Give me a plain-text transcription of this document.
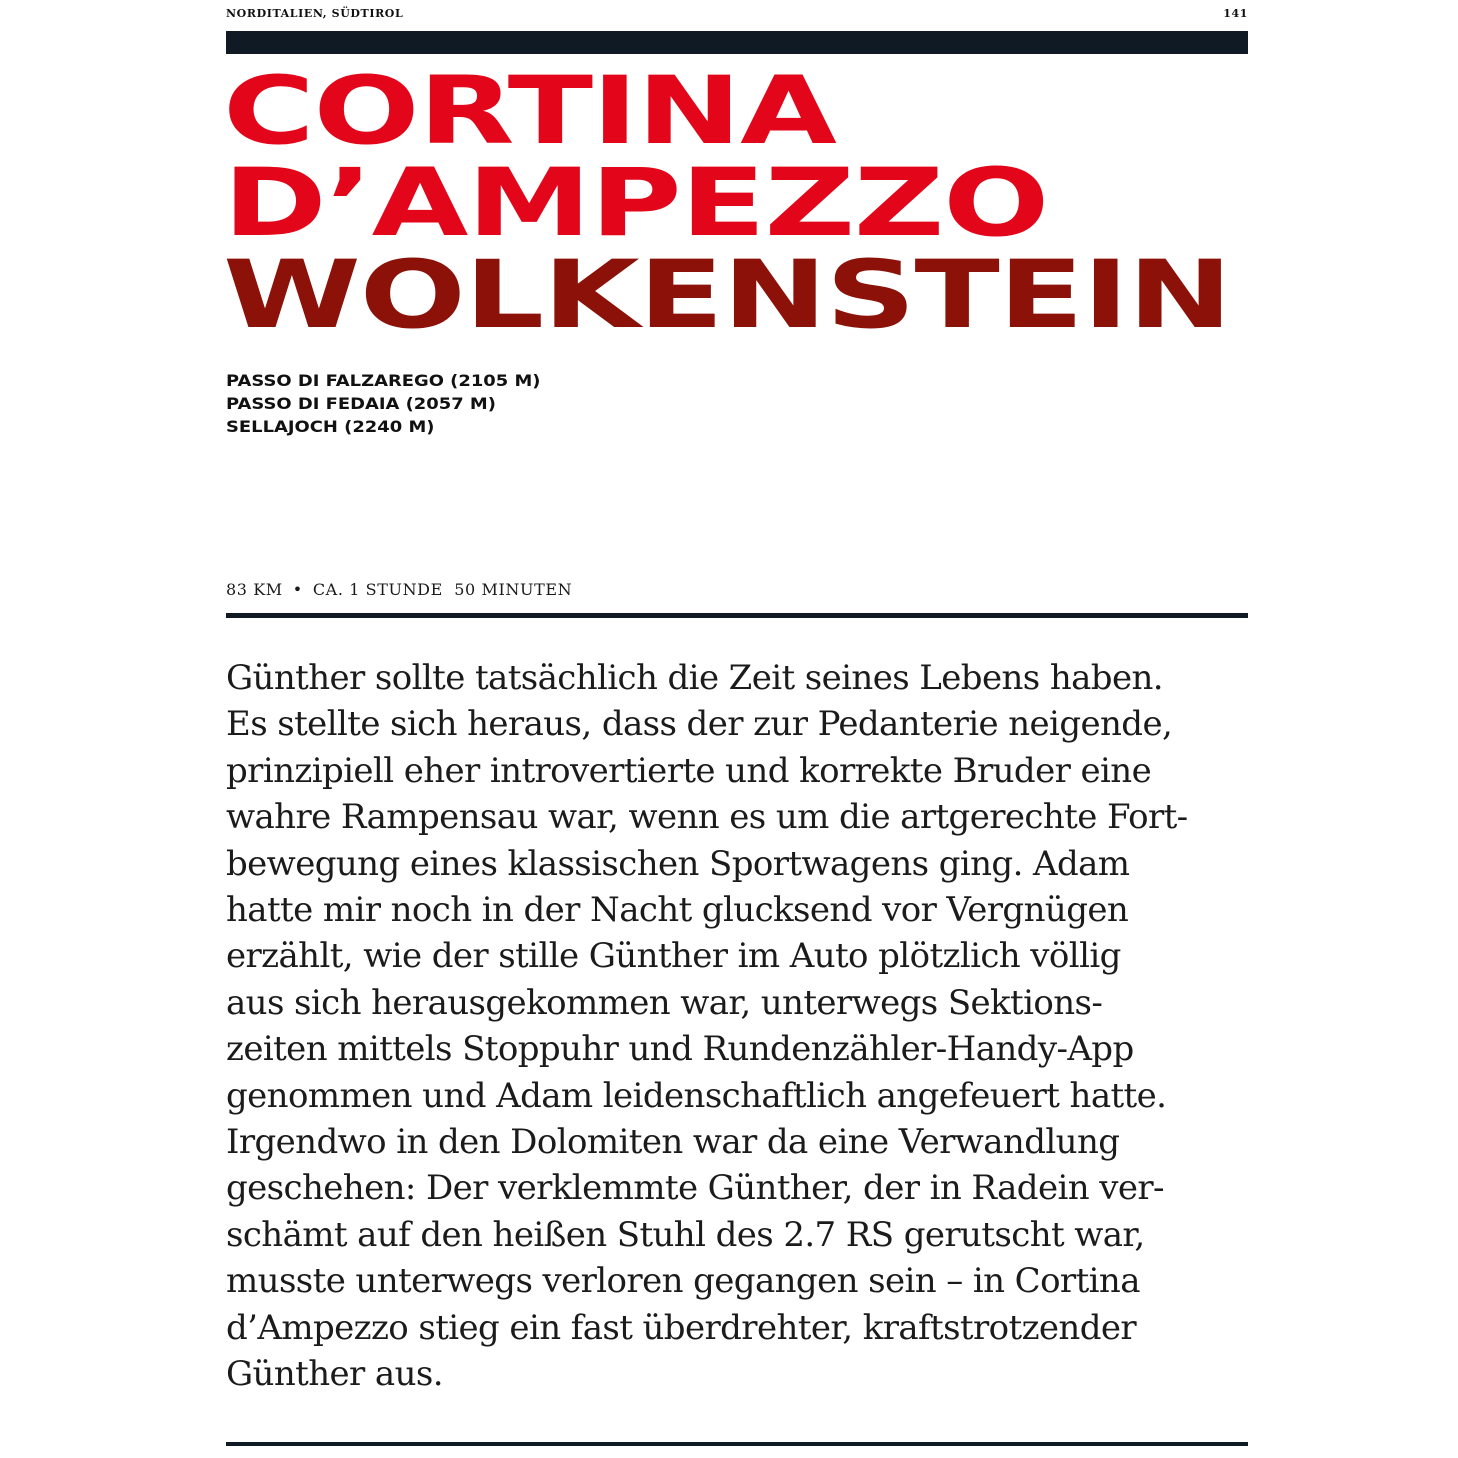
NORDITALIEN, SÜDTIROL	141
CORTINA
D’AMPEZZO
WOLKENSTEIN
PASSO DI FALZAREGO (2105 M)
PASSO DI FEDAIA (2057 M)
SELLAJOCH (2240 M)
83 KM • CA. 1 STUNDE  50 MINUTEN
Günther sollte tatsächlich die Zeit seines Lebens haben.
Es stellte sich heraus, dass der zur Pedanterie neigende,
prinzipiell eher introvertierte und korrekte Bruder eine
wahre Rampensau war, wenn es um die artgerechte Fort-
bewegung eines klassischen Sportwagens ging. Adam
hatte mir noch in der Nacht glucksend vor Vergnügen
erzählt, wie der stille Günther im Auto plötzlich völlig
aus sich herausgekommen war, unterwegs Sektions-
zeiten mittels Stoppuhr und Rundenzähler-Handy-App
genommen und Adam leidenschaftlich angefeuert hatte.
Irgendwo in den Dolomiten war da eine Verwandlung
geschehen: Der verklemmte Günther, der in Radein ver-
schämt auf den heißen Stuhl des 2.7 RS gerutscht war,
musste unterwegs verloren gegangen sein – in Cortina
d’Ampezzo stieg ein fast überdrehter, kraftstrotzender
Günther aus.
